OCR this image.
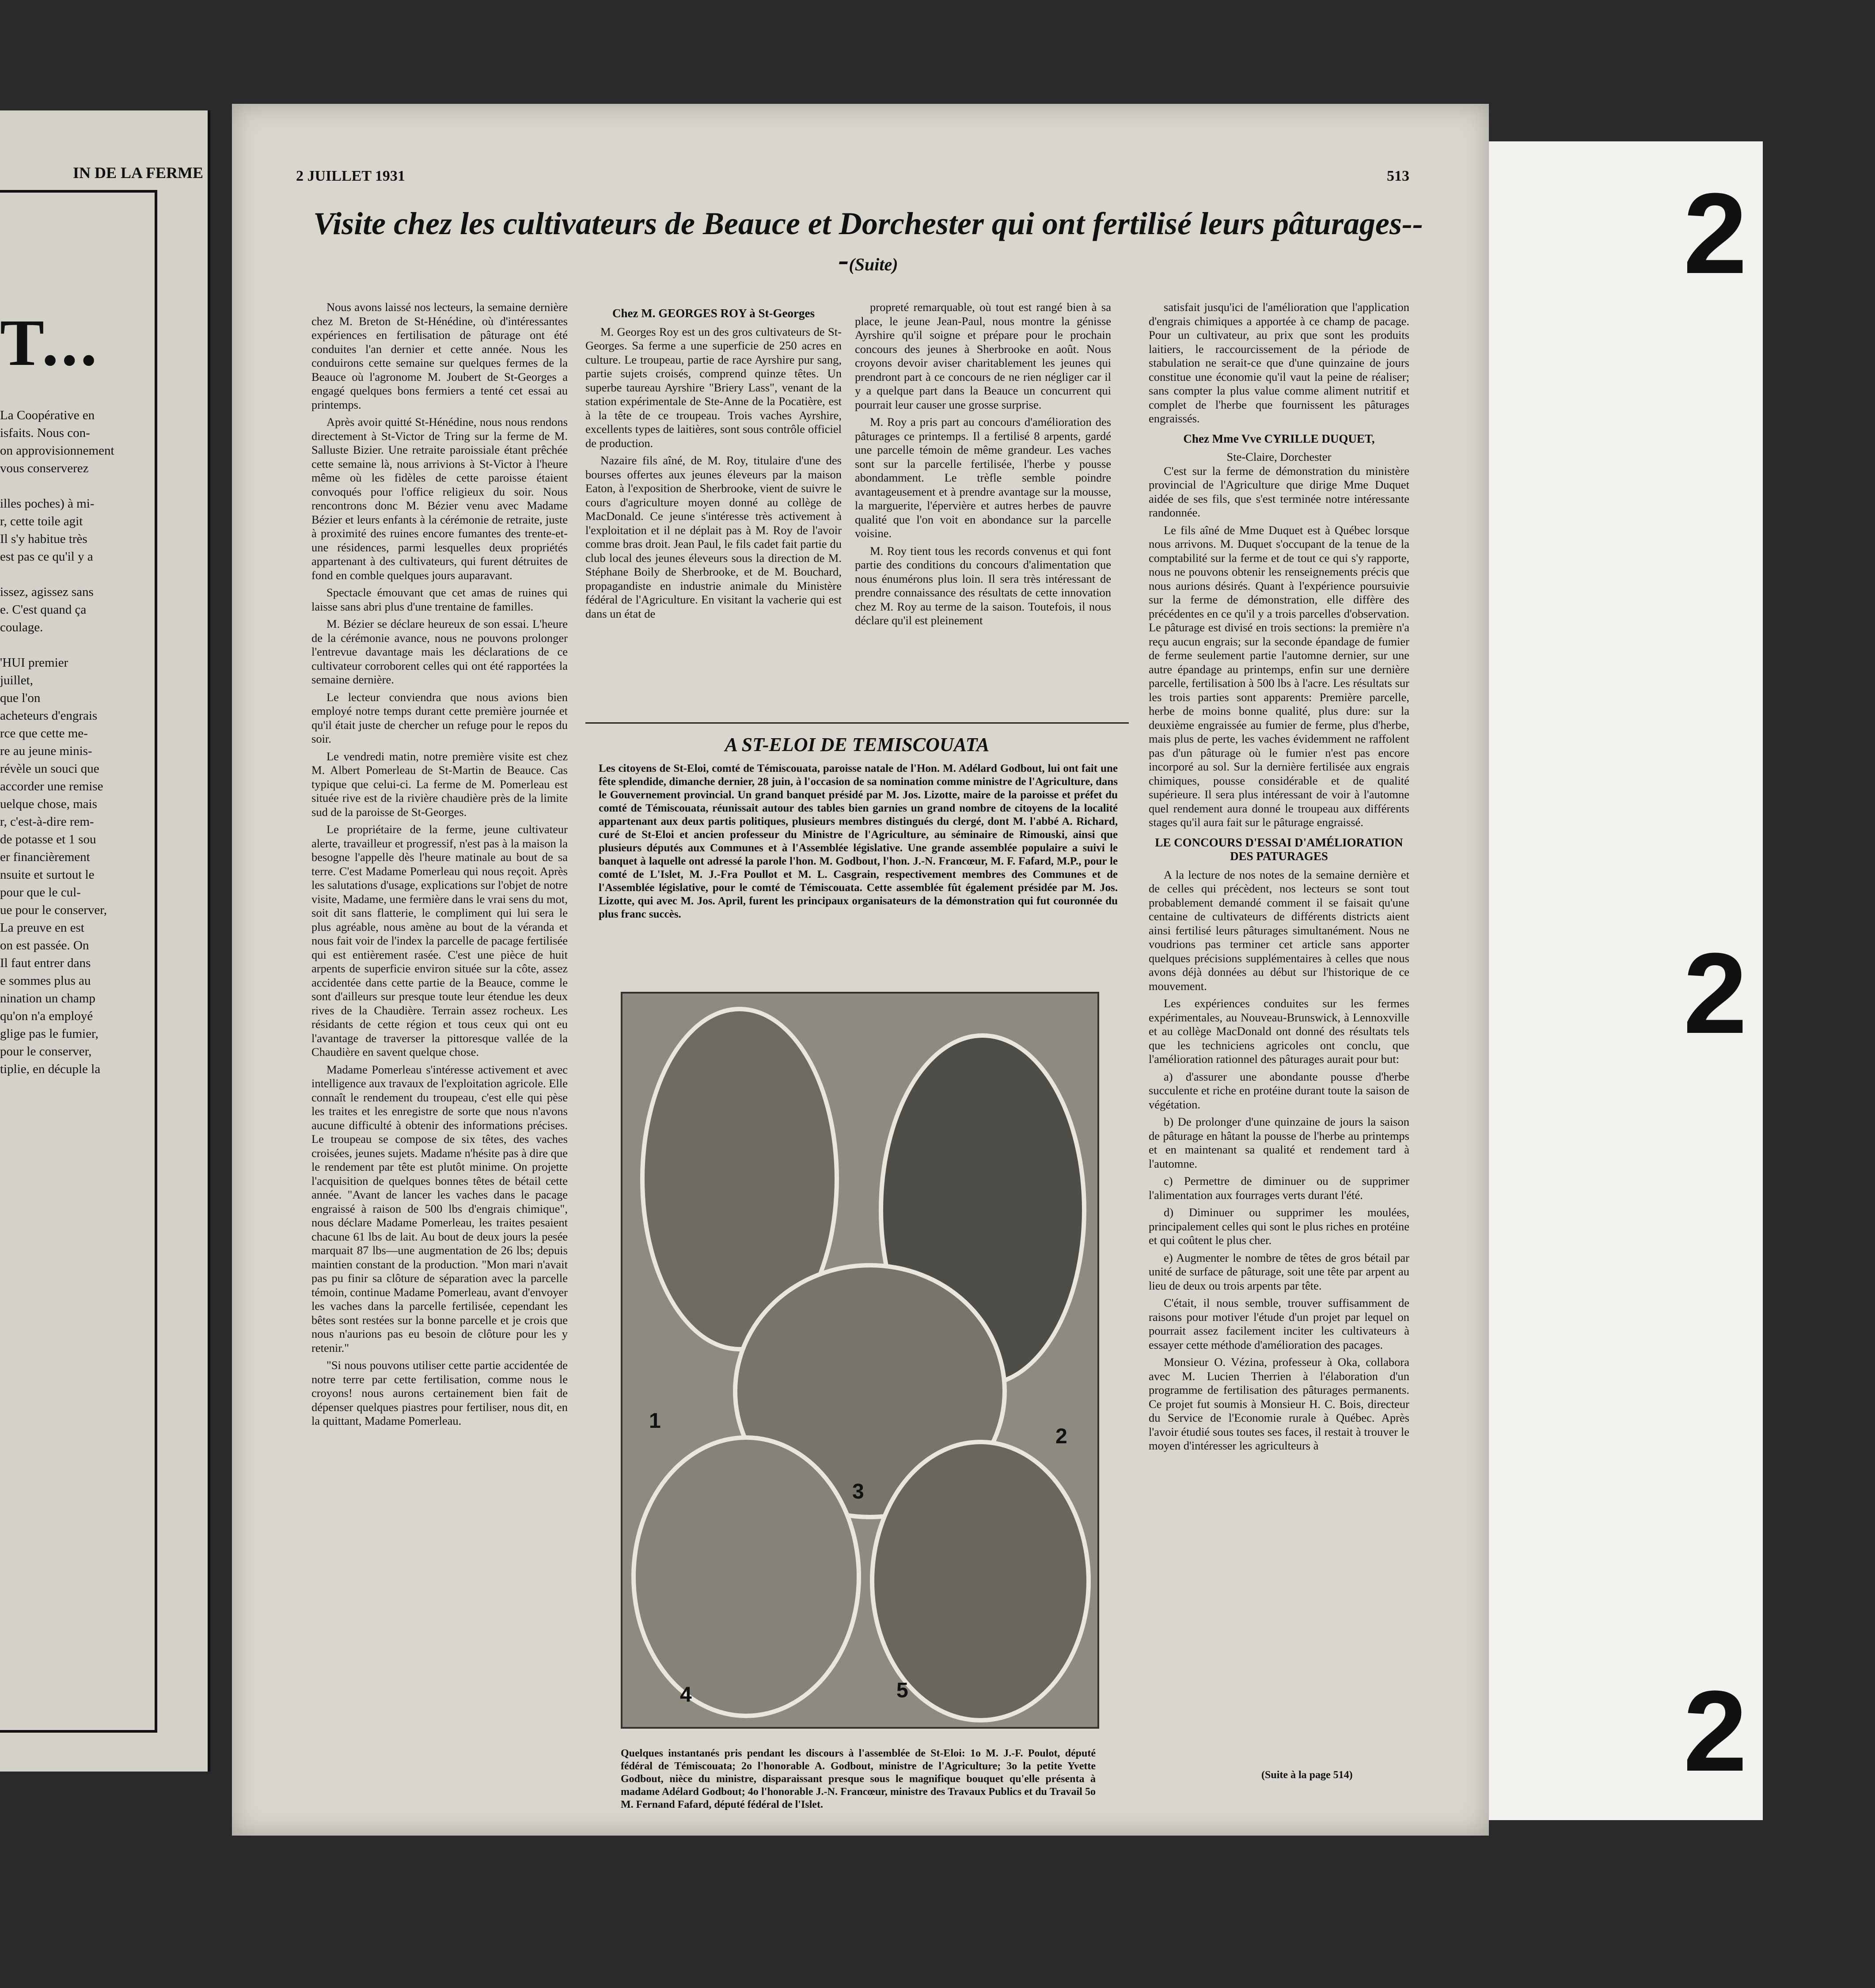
IN DE LA FERME
T...
La Coopérative en
isfaits. Nous con-
on approvisionnement
vous conserverez

illes poches) à mi-
r, cette toile agit
Il s'y habitue très
est pas ce qu'il y a

issez, agissez sans
e. C'est quand ça
coulage.

'HUI premier
juillet,
que l'on
acheteurs d'engrais
rce que cette me-
re au jeune minis-
révèle un souci que
accorder une remise
uelque chose, mais
r, c'est-à-dire rem-
de potasse et 1 sou
er financièrement
nsuite et surtout le
pour que le cul-
ue pour le conserver,
La preuve en est
on est passée. On
Il faut entrer dans
e sommes plus au
nination un champ
qu'on n'a employé
glige pas le fumier,
pour le conserver,
tiplie, en décuple la
2 JUILLET 1931	513
Visite chez les cultivateurs de Beauce et Dorchester qui ont fertilisé leurs pâturages---(Suite)

Nous avons laissé nos lecteurs, la semaine dernière chez M. Breton de St-Hénédine, où d'intéressantes expériences en fertilisation de pâturage ont été conduites l'an dernier et cette année. Nous les conduirons cette semaine sur quelques fermes de la Beauce où l'agronome M. Joubert de St-Georges a engagé quelques bons fermiers a tenté cet essai au printemps.

Après avoir quitté St-Hénédine, nous nous rendons directement à St-Victor de Tring sur la ferme de M. Salluste Bizier. Une retraite paroissiale étant prêchée cette semaine là, nous arrivions à St-Victor à l'heure même où les fidèles de cette paroisse étaient convoqués pour l'office religieux du soir. Nous rencontrons donc M. Bézier venu avec Madame Bézier et leurs enfants à la cérémonie de retraite, juste à proximité des ruines encore fumantes des trente-et-une résidences, parmi lesquelles deux propriétés appartenant à des cultivateurs, qui furent détruites de fond en comble quelques jours auparavant.

Spectacle émouvant que cet amas de ruines qui laisse sans abri plus d'une trentaine de familles.

M. Bézier se déclare heureux de son essai. L'heure de la cérémonie avance, nous ne pouvons prolonger l'entrevue davantage mais les déclarations de ce cultivateur corroborent celles qui ont été rapportées la semaine dernière.

Le lecteur conviendra que nous avions bien employé notre temps durant cette première journée et qu'il était juste de chercher un refuge pour le repos du soir.

Le vendredi matin, notre première visite est chez M. Albert Pomerleau de St-Martin de Beauce. Cas typique que celui-ci. La ferme de M. Pomerleau est située rive est de la rivière chaudière près de la limite sud de la paroisse de St-Georges.

Le propriétaire de la ferme, jeune cultivateur alerte, travailleur et progressif, n'est pas à la maison la besogne l'appelle dès l'heure matinale au bout de sa terre. C'est Madame Pomerleau qui nous reçoit. Après les salutations d'usage, explications sur l'objet de notre visite, Madame, une fermière dans le vrai sens du mot, soit dit sans flatterie, le compliment qui lui sera le plus agréable, nous amène au bout de la véranda et nous fait voir de l'index la parcelle de pacage fertilisée qui est entièrement rasée. C'est une pièce de huit arpents de superficie environ située sur la côte, assez accidentée dans cette partie de la Beauce, comme le sont d'ailleurs sur presque toute leur étendue les deux rives de la Chaudière. Terrain assez rocheux. Les résidants de cette région et tous ceux qui ont eu l'avantage de traverser la pittoresque vallée de la Chaudière en savent quelque chose.

Madame Pomerleau s'intéresse activement et avec intelligence aux travaux de l'exploitation agricole. Elle connaît le rendement du troupeau, c'est elle qui pèse les traites et les enregistre de sorte que nous n'avons aucune difficulté à obtenir des informations précises. Le troupeau se compose de six têtes, des vaches croisées, jeunes sujets. Madame n'hésite pas à dire que le rendement par tête est plutôt minime. On projette l'acquisition de quelques bonnes têtes de bétail cette année. "Avant de lancer les vaches dans le pacage engraissé à raison de 500 lbs d'engrais chimique", nous déclare Madame Pomerleau, les traites pesaient chacune 61 lbs de lait. Au bout de deux jours la pesée marquait 87 lbs—une augmentation de 26 lbs; depuis maintien constant de la production. "Mon mari n'avait pas pu finir sa clôture de séparation avec la parcelle témoin, continue Madame Pomerleau, avant d'envoyer les vaches dans la parcelle fertilisée, cependant les bêtes sont restées sur la bonne parcelle et je crois que nous n'aurions pas eu besoin de clôture pour les y retenir."

"Si nous pouvons utiliser cette partie accidentée de notre terre par cette fertilisation, comme nous le croyons! nous aurons certainement bien fait de dépenser quelques piastres pour fertiliser, nous dit, en la quittant, Madame Pomerleau.

Chez M. GEORGES ROY à St-Georges

M. Georges Roy est un des gros cultivateurs de St-Georges. Sa ferme a une superficie de 250 acres en culture. Le troupeau, partie de race Ayrshire pur sang, partie sujets croisés, comprend quinze têtes. Un superbe taureau Ayrshire "Briery Lass", venant de la station expérimentale de Ste-Anne de la Pocatière, est à la tête de ce troupeau. Trois vaches Ayrshire, excellents types de laitières, sont sous contrôle officiel de production.

Nazaire fils aîné, de M. Roy, titulaire d'une des bourses offertes aux jeunes éleveurs par la maison Eaton, à l'exposition de Sherbrooke, vient de suivre le cours d'agriculture moyen donné au collège de MacDonald. Ce jeune s'intéresse très activement à l'exploitation et il ne déplait pas à M. Roy de l'avoir comme bras droit. Jean Paul, le fils cadet fait partie du club local des jeunes éleveurs sous la direction de M. Stéphane Boily de Sherbrooke, et de M. Bouchard, propagandiste en industrie animale du Ministère fédéral de l'Agriculture. En visitant la vacherie qui est dans un état de

propreté remarquable, où tout est rangé bien à sa place, le jeune Jean-Paul, nous montre la génisse Ayrshire qu'il soigne et prépare pour le prochain concours des jeunes à Sherbrooke en août. Nous croyons devoir aviser charitablement les jeunes qui prendront part à ce concours de ne rien négliger car il y a quelque part dans la Beauce un concurrent qui pourrait leur causer une grosse surprise.

M. Roy a pris part au concours d'amélioration des pâturages ce printemps. Il a fertilisé 8 arpents, gardé une parcelle témoin de même grandeur. Les vaches sont sur la parcelle fertilisée, l'herbe y pousse abondamment. Le trèfle semble poindre avantageusement et à prendre avantage sur la mousse, la marguerite, l'épervière et autres herbes de pauvre qualité que l'on voit en abondance sur la parcelle voisine.

M. Roy tient tous les records convenus et qui font partie des conditions du concours d'alimentation que nous énumérons plus loin. Il sera très intéressant de prendre connaissance des résultats de cette innovation chez M. Roy au terme de la saison. Toutefois, il nous déclare qu'il est pleinement

satisfait jusqu'ici de l'amélioration que l'application d'engrais chimiques a apportée à ce champ de pacage. Pour un cultivateur, au prix que sont les produits laitiers, le raccourcissement de la période de stabulation ne serait-ce que d'une quinzaine de jours constitue une économie qu'il vaut la peine de réaliser; sans compter la plus value comme aliment nutritif et complet de l'herbe que fournissent les pâturages engraissés.

Chez Mme Vve CYRILLE DUQUET,
Ste-Claire, Dorchester

C'est sur la ferme de démonstration du ministère provincial de l'Agriculture que dirige Mme Duquet aidée de ses fils, que s'est terminée notre intéressante randonnée.

Le fils aîné de Mme Duquet est à Québec lorsque nous arrivons. M. Duquet s'occupant de la tenue de la comptabilité sur la ferme et de tout ce qui s'y rapporte, nous ne pouvons obtenir les renseignements précis que nous aurions désirés. Quant à l'expérience poursuivie sur la ferme de démonstration, elle diffère des précédentes en ce qu'il y a trois parcelles d'observation. Le pâturage est divisé en trois sections: la première n'a reçu aucun engrais; sur la seconde épandage de fumier de ferme seulement partie l'automne dernier, sur une autre épandage au printemps, enfin sur une dernière parcelle, fertilisation à 500 lbs à l'acre. Les résultats sur les trois parties sont apparents: Première parcelle, herbe de moins bonne qualité, plus dure: sur la deuxième engraissée au fumier de ferme, plus d'herbe, mais plus de perte, les vaches évidemment ne raffolent pas d'un pâturage où le fumier n'est pas encore incorporé au sol. Sur la dernière fertilisée aux engrais chimiques, pousse considérable et de qualité supérieure. Il sera plus intéressant de voir à l'automne quel rendement aura donné le troupeau aux différents stages qu'il aura fait sur le pâturage engraissé.

LE CONCOURS D'ESSAI D'AMÉLIORATION DES PATURAGES

A la lecture de nos notes de la semaine dernière et de celles qui précèdent, nos lecteurs se sont tout probablement demandé comment il se faisait qu'une centaine de cultivateurs de différents districts aient ainsi fertilisé leurs pâturages simultanément. Nous ne voudrions pas terminer cet article sans apporter quelques précisions supplémentaires à celles que nous avons déjà données au début sur l'historique de ce mouvement.

Les expériences conduites sur les fermes expérimentales, au Nouveau-Brunswick, à Lennoxville et au collège MacDonald ont donné des résultats tels que les techniciens agricoles ont conclu, que l'amélioration rationnel des pâturages aurait pour but:

a) d'assurer une abondante pousse d'herbe succulente et riche en protéine durant toute la saison de végétation.

b) De prolonger d'une quinzaine de jours la saison de pâturage en hâtant la pousse de l'herbe au printemps et en maintenant sa qualité et rendement tard à l'automne.

c) Permettre de diminuer ou de supprimer l'alimentation aux fourrages verts durant l'été.

d) Diminuer ou supprimer les moulées, principalement celles qui sont le plus riches en protéine et qui coûtent le plus cher.

e) Augmenter le nombre de têtes de gros bétail par unité de surface de pâturage, soit une tête par arpent au lieu de deux ou trois arpents par tête.

C'était, il nous semble, trouver suffisamment de raisons pour motiver l'étude d'un projet par lequel on pourrait assez facilement inciter les cultivateurs à essayer cette méthode d'amélioration des pacages.

Monsieur O. Vézina, professeur à Oka, collabora avec M. Lucien Therrien à l'élaboration d'un programme de fertilisation des pâturages permanents. Ce projet fut soumis à Monsieur H. C. Bois, directeur du Service de l'Economie rurale à Québec. Après l'avoir étudié sous toutes ses faces, il restait à trouver le moyen d'intéresser les agriculteurs à

A ST-ELOI DE TEMISCOUATA
Les citoyens de St-Eloi, comté de Témiscouata, paroisse natale de l'Hon. M. Adélard Godbout, lui ont fait une fête splendide, dimanche dernier, 28 juin, à l'occasion de sa nomination comme ministre de l'Agriculture, dans le Gouvernement provincial. Un grand banquet présidé par M. Jos. Lizotte, maire de la paroisse et préfet du comté de Témiscouata, réunissait autour des tables bien garnies un grand nombre de citoyens de la localité appartenant aux deux partis politiques, plusieurs membres distingués du clergé, dont M. l'abbé A. Richard, curé de St-Eloi et ancien professeur du Ministre de l'Agriculture, au séminaire de Rimouski, ainsi que plusieurs députés aux Communes et à l'Assemblée législative. Une grande assemblée populaire a suivi le banquet à laquelle ont adressé la parole l'hon. M. Godbout, l'hon. J.-N. Francœur, M. F. Fafard, M.P., pour le comté de L'Islet, M. J.-Fra Poullot et M. L. Casgrain, respectivement membres des Communes et de l'Assemblée législative, pour le comté de Témiscouata. Cette assemblée fût également présidée par M. Jos. Lizotte, qui avec M. Jos. April, furent les principaux organisateurs de la démonstration qui fut couronnée du plus franc succès.
1
2
3
4	5
Quelques instantanés pris pendant les discours à l'assemblée de St-Eloi: 1o M. J.-F. Poulot, député fédéral de Témiscouata; 2o l'honorable A. Godbout, ministre de l'Agriculture; 3o la petite Yvette Godbout, nièce du ministre, disparaissant presque sous le magnifique bouquet qu'elle présenta à madame Adélard Godbout; 4o l'honorable J.-N. Francœur, ministre des Travaux Publics et du Travail 5o M. Fernand Fafard, député fédéral de l'Islet.
(Suite à la page 514)
2
2
2
